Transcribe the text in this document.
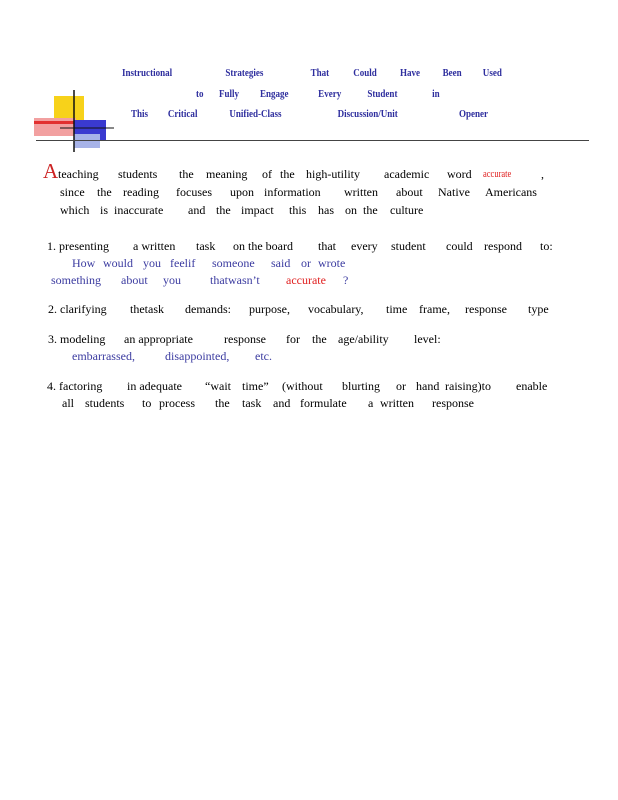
Instructional	Strategies	That Could Have Been Used
to Fully Engage	Every Student	in
This Critical	Unified-Class	Discussion/Unit	Opener
A teaching students the meaning of the high-utility academic word accurate ,
since the reading focuses upon information written about Native Americans
which is inaccurate and the impact this has on the culture
1. presenting a written task on the board that every student could respond to:
How would you feelif someone said or wrote
something about you thatwasn’t accurate ?
2. clarifying thetask demands: purpose, vocabulary, time frame, response type
3. modeling an appropriate	response for the age/ability level:
embarrassed,	disappointed, etc.
4. factoring in adequate “wait time” (without blurting or hand raising)to enable
all students to process the task and formulate a written response
